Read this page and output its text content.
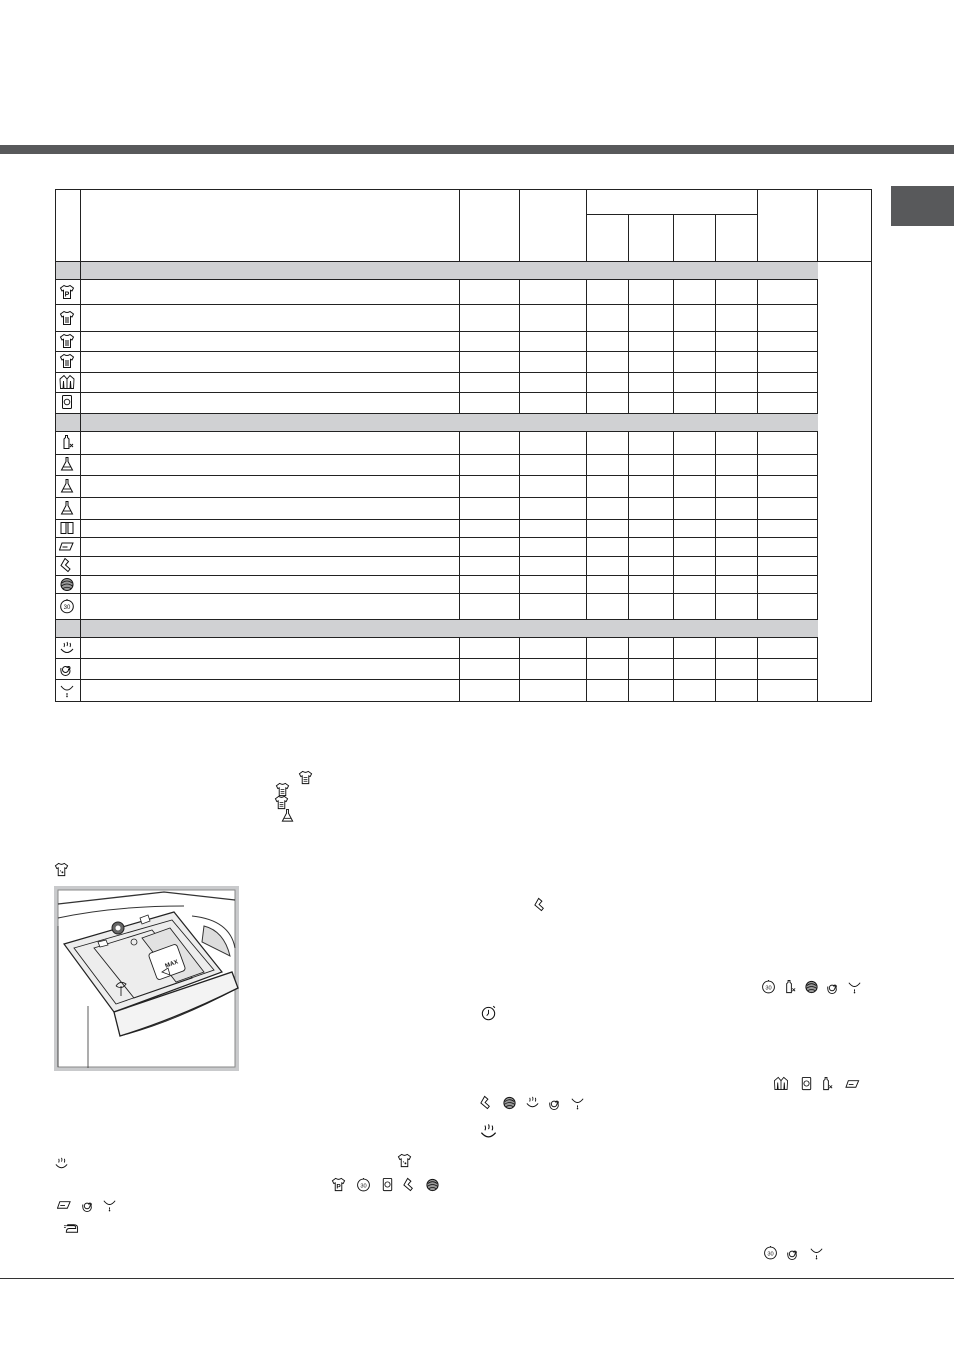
MAX
